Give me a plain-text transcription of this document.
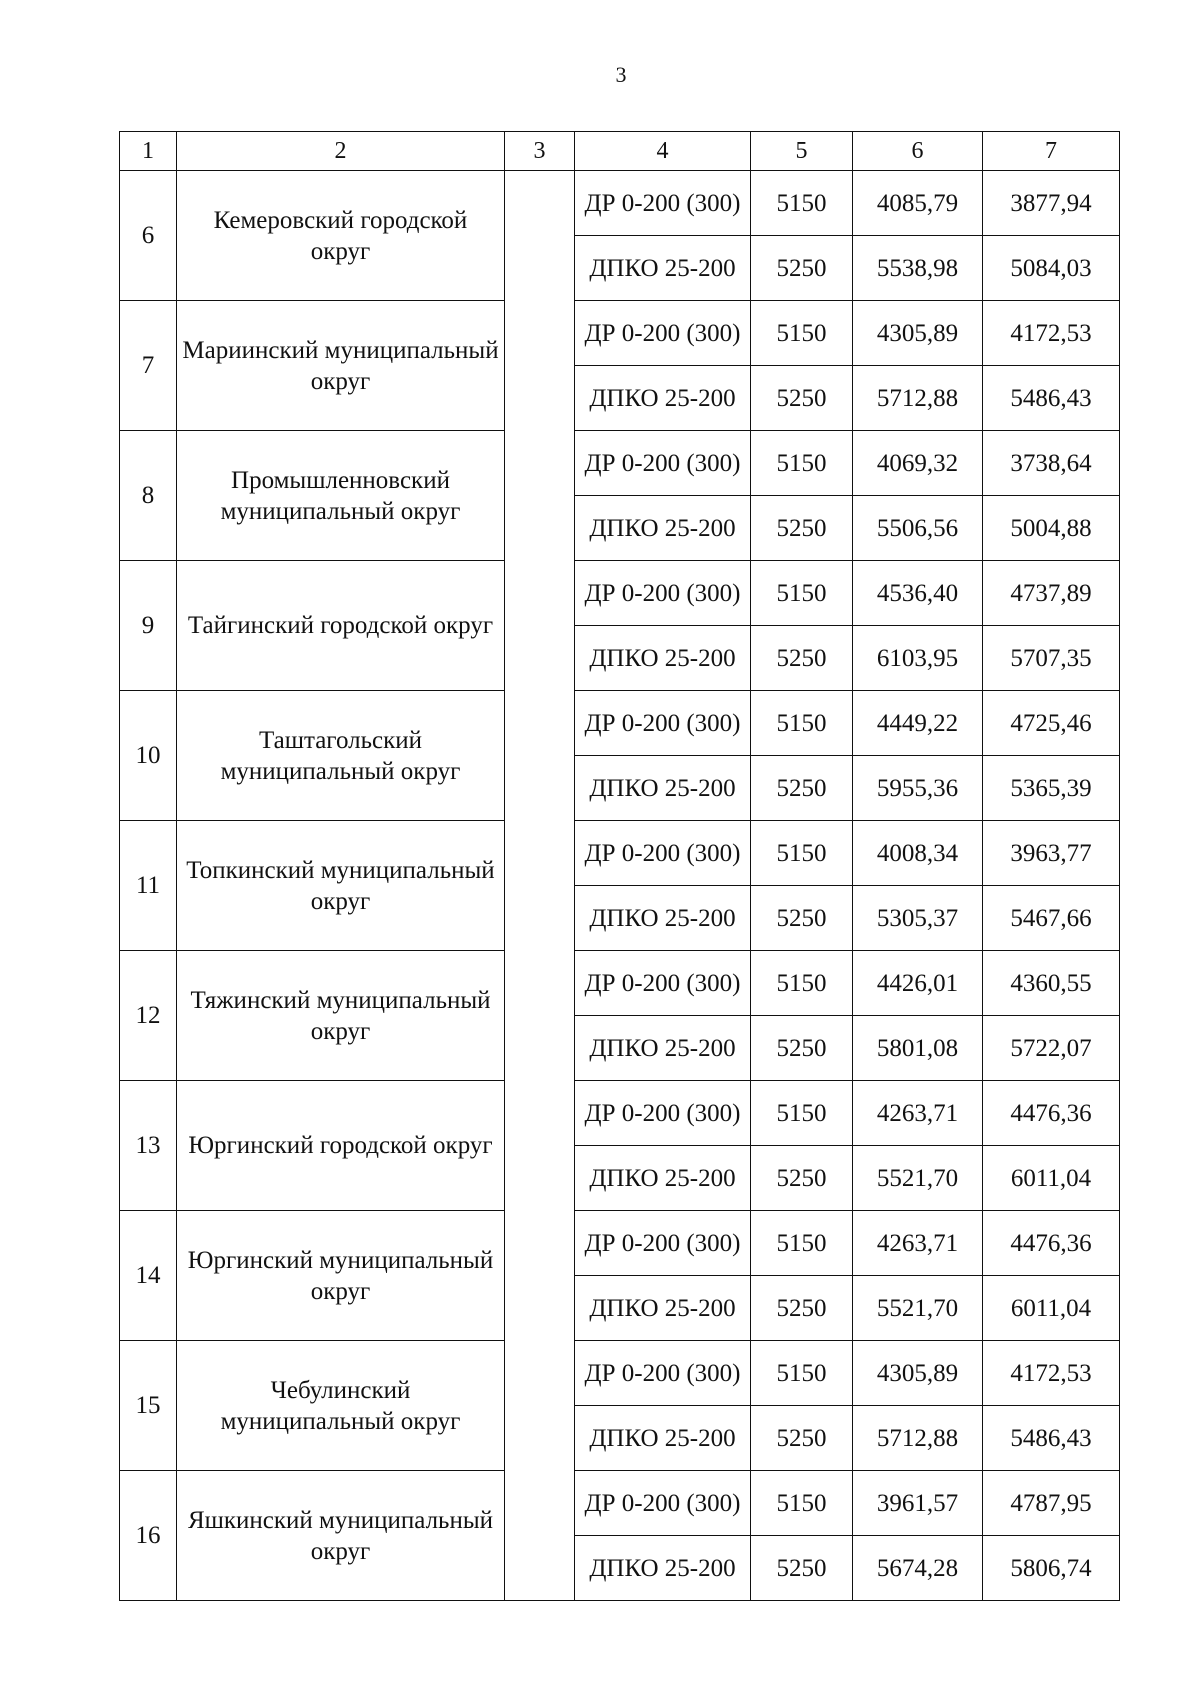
3
1	2	3	4	5	6	7
6	Кемеровский городской округ		ДР 0-200 (300)	5150	4085,79	3877,94
			ДПКО 25-200	5250	5538,98	5084,03
7	Мариинский муниципальный округ		ДР 0-200 (300)	5150	4305,89	4172,53
			ДПКО 25-200	5250	5712,88	5486,43
8	Промышленновский муниципальный округ		ДР 0-200 (300)	5150	4069,32	3738,64
			ДПКО 25-200	5250	5506,56	5004,88
9	Тайгинский городской округ		ДР 0-200 (300)	5150	4536,40	4737,89
			ДПКО 25-200	5250	6103,95	5707,35
10	Таштагольский муниципальный округ		ДР 0-200 (300)	5150	4449,22	4725,46
			ДПКО 25-200	5250	5955,36	5365,39
11	Топкинский муниципальный округ		ДР 0-200 (300)	5150	4008,34	3963,77
			ДПКО 25-200	5250	5305,37	5467,66
12	Тяжинский муниципальный округ		ДР 0-200 (300)	5150	4426,01	4360,55
			ДПКО 25-200	5250	5801,08	5722,07
13	Юргинский городской округ		ДР 0-200 (300)	5150	4263,71	4476,36
			ДПКО 25-200	5250	5521,70	6011,04
14	Юргинский муниципальный округ		ДР 0-200 (300)	5150	4263,71	4476,36
			ДПКО 25-200	5250	5521,70	6011,04
15	Чебулинский муниципальный округ		ДР 0-200 (300)	5150	4305,89	4172,53
			ДПКО 25-200	5250	5712,88	5486,43
16	Яшкинский муниципальный округ		ДР 0-200 (300)	5150	3961,57	4787,95
			ДПКО 25-200	5250	5674,28	5806,74
